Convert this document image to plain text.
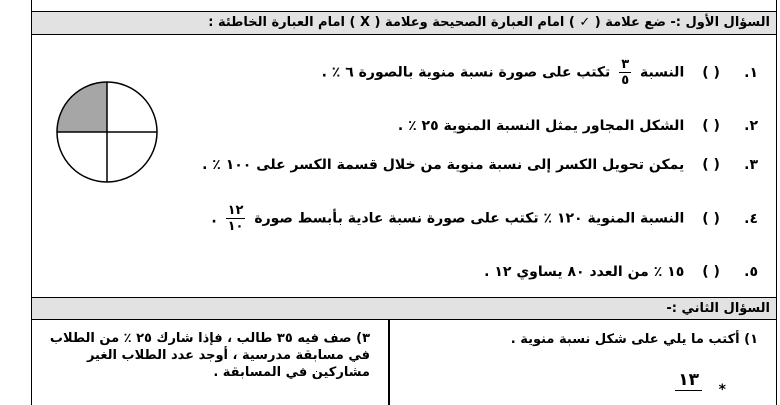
السؤال الأول :- ضع علامة ( ✓ ) امام العبارة الصحيحة وعلامة ( X ) امام العبارة الخاطئة :
١. ( ) النسبة
$\frac{٣}{٥}$
تكتب على صورة نسبة منوية بالصورة ٦ ٪ .
٢. ( ) الشكل المجاور يمثل النسبة المنوية ٢٥ ٪ .
٣. ( ) يمكن تحويل الكسر إلى نسبة منوية من خلال قسمة الكسر على ١٠٠ ٪ .
٤. ( ) النسبة المنوية ١٢٠ ٪ تكتب على صورة نسبة عادية بأبسط صورة
$\frac{١٢}{١٠}$
.
٥. ( ) ١٥ ٪ من العدد ٨٠ يساوي ١٢ .
السؤال الثاني :-
١) أكتب ما يلي على شكل نسبة منوية .
*
١٣
٣) صف فيه ٣٥ طالب ، فإذا شارك ٢٥ ٪ من الطلاب في مسابقة مدرسية ، أوجد عدد الطلاب الغير مشاركين في المسابقة .
